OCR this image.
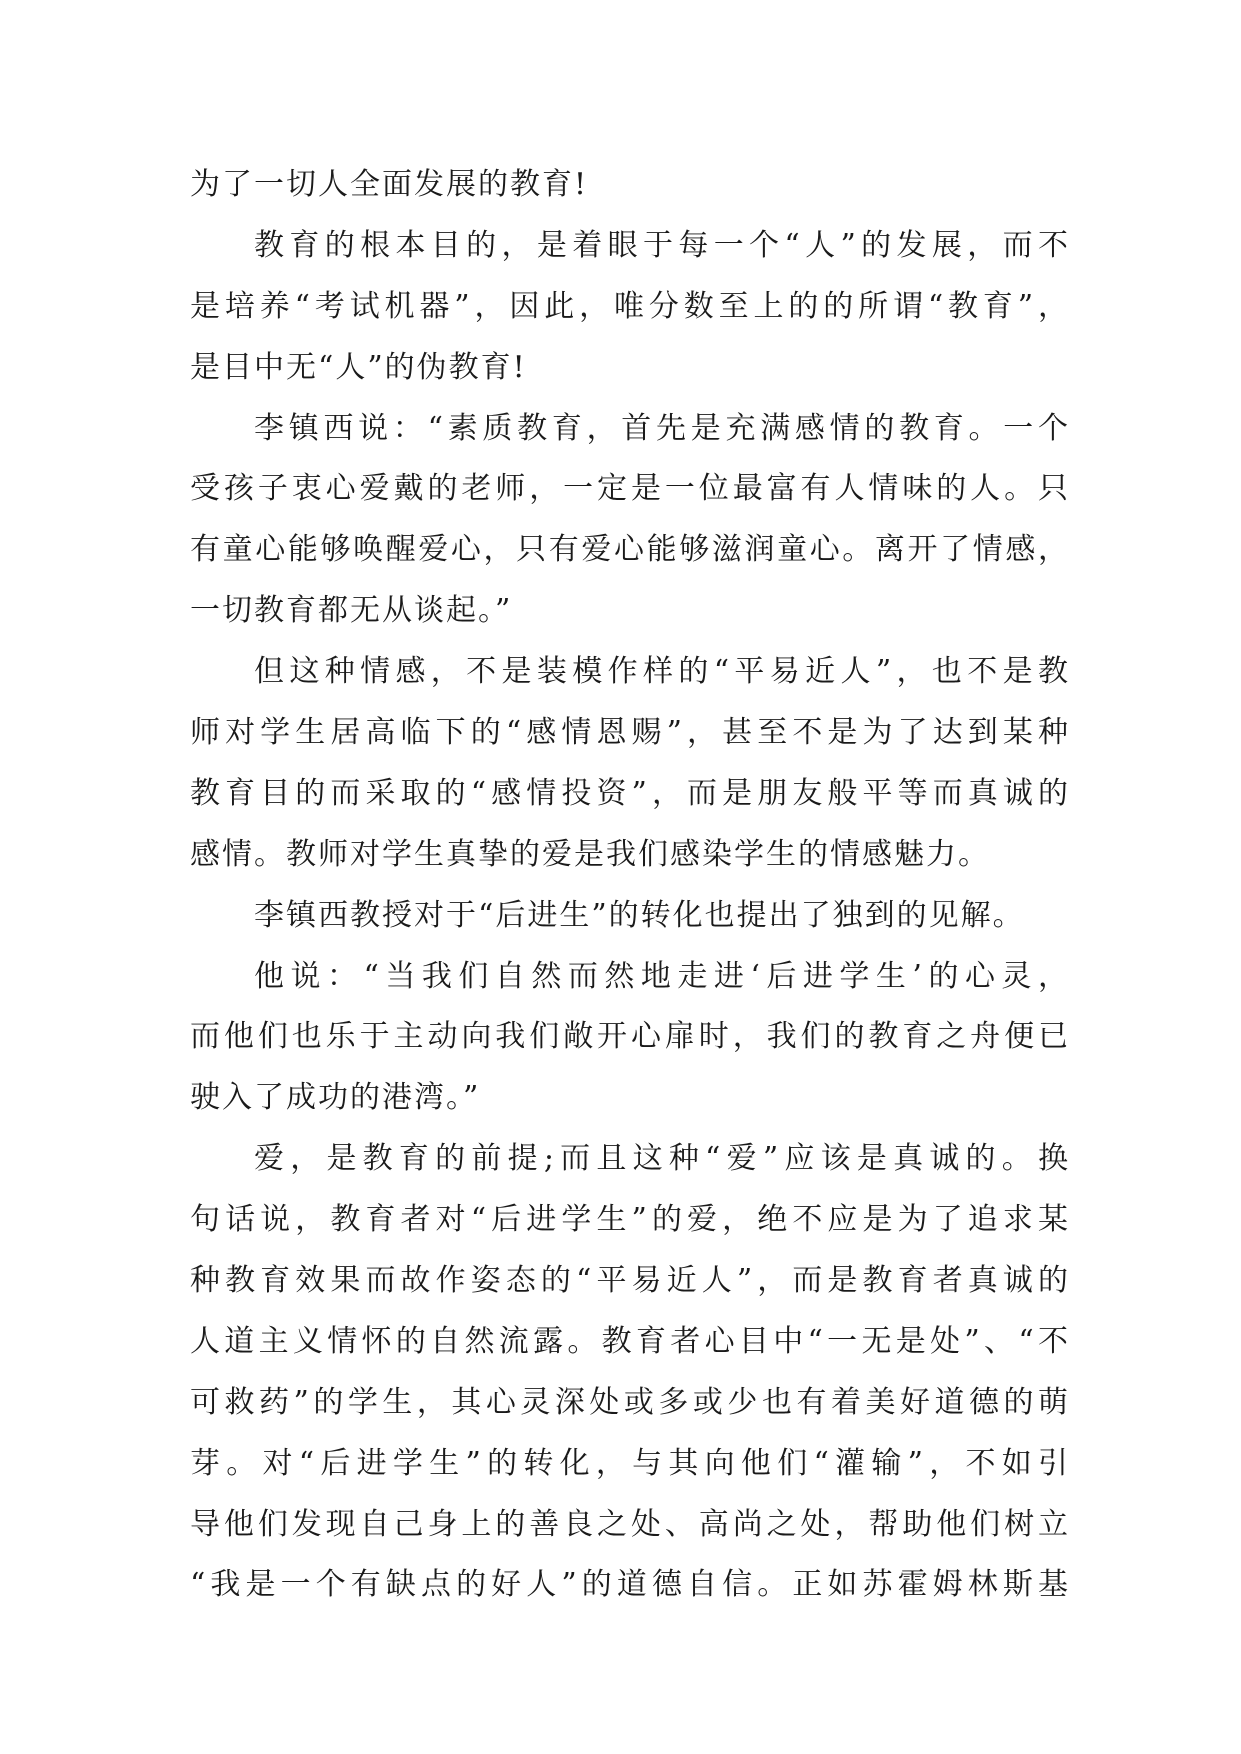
为了一切人全面发展的教育!
教育的根本目的，是着眼于每一个“人”的发展，而不
是培养“考试机器”，因此，唯分数至上的的所谓“教育”，
是目中无“人”的伪教育!
李镇西说：“素质教育，首先是充满感情的教育。一个
受孩子衷心爱戴的老师，一定是一位最富有人情味的人。只
有童心能够唤醒爱心，只有爱心能够滋润童心。离开了情感，
一切教育都无从谈起。”
但这种情感，不是装模作样的“平易近人”，也不是教
师对学生居高临下的“感情恩赐”，甚至不是为了达到某种
教育目的而采取的“感情投资”，而是朋友般平等而真诚的
感情。教师对学生真挚的爱是我们感染学生的情感魅力。
李镇西教授对于“后进生”的转化也提出了独到的见解。
他说：“当我们自然而然地走进‘后进学生’的心灵，
而他们也乐于主动向我们敞开心扉时，我们的教育之舟便已
驶入了成功的港湾。”
爱，是教育的前提;而且这种“爱”应该是真诚的。换
句话说，教育者对“后进学生”的爱，绝不应是为了追求某
种教育效果而故作姿态的“平易近人”，而是教育者真诚的
人道主义情怀的自然流露。教育者心目中“一无是处”、“不
可救药”的学生，其心灵深处或多或少也有着美好道德的萌
芽。对“后进学生”的转化，与其向他们“灌输”，不如引
导他们发现自己身上的善良之处、高尚之处，帮助他们树立
“我是一个有缺点的好人”的道德自信。正如苏霍姆林斯基
